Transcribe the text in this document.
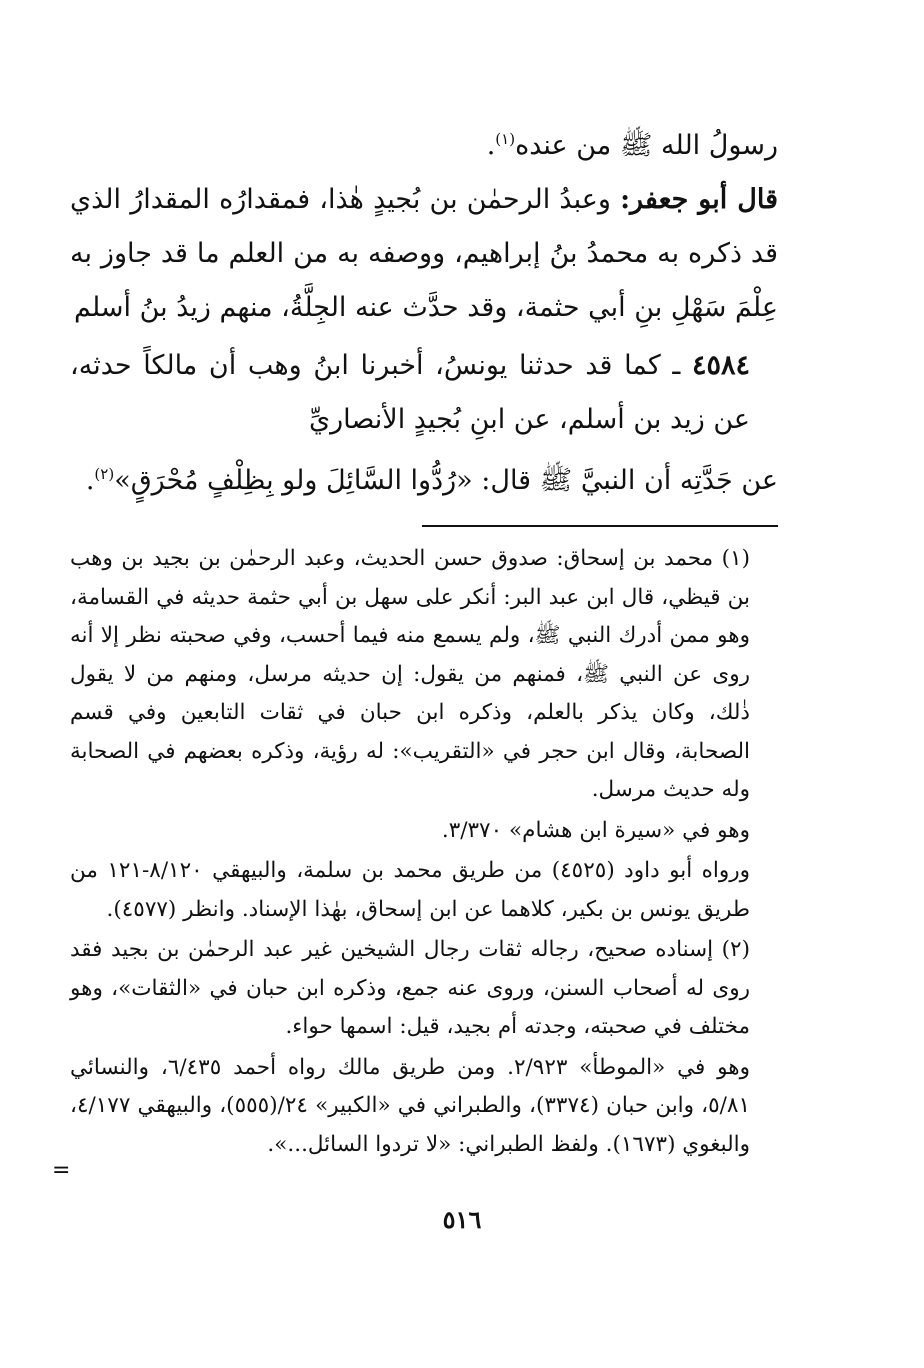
رسولُ الله ﷺ من عنده$^{(١)}$.

قال أبو جعفر: وعبدُ الرحمٰن بن بُجيدٍ هٰذا، فمقدارُه المقدارُ الذي قد ذكره به محمدُ بنُ إبراهيم، ووصفه به من العلم ما قد جاوز به عِلْمَ سَهْلِ بنِ أبي حثمة، وقد حدَّث عنه الجِلَّةُ، منهم زيدُ بنُ أسلم

٤٥٨٤ ـ كما قد حدثنا يونسُ، أخبرنا ابنُ وهب أن مالكاً حدثه، عن زيد بن أسلم، عن ابنِ بُجيدٍ الأنصاريِّ

عن جَدَّتِه أن النبيَّ ﷺ قال: «رُدُّوا السَّائِلَ ولو بِظِلْفٍ مُحْرَقٍ»$^{(٢)}$.

(١) محمد بن إسحاق: صدوق حسن الحديث، وعبد الرحمٰن بن بجيد بن وهب بن قيظي، قال ابن عبد البر: أنكر على سهل بن أبي حثمة حديثه في القسامة، وهو ممن أدرك النبي ﷺ، ولم يسمع منه فيما أحسب، وفي صحبته نظر إلا أنه روى عن النبي ﷺ، فمنهم من يقول: إن حديثه مرسل، ومنهم من لا يقول ذٰلك، وكان يذكر بالعلم، وذكره ابن حبان في ثقات التابعين وفي قسم الصحابة، وقال ابن حجر في «التقريب»: له رؤية، وذكره بعضهم في الصحابة وله حديث مرسل.

وهو في «سيرة ابن هشام» ٣/٣٧٠.

ورواه أبو داود (٤٥٢٥) من طريق محمد بن سلمة، والبيهقي ٨/١٢٠-١٢١ من طريق يونس بن بكير، كلاهما عن ابن إسحاق، بهٰذا الإسناد. وانظر (٤٥٧٧).

(٢) إسناده صحيح، رجاله ثقات رجال الشيخين غير عبد الرحمٰن بن بجيد فقد روى له أصحاب السنن، وروى عنه جمع، وذكره ابن حبان في «الثقات»، وهو مختلف في صحبته، وجدته أم بجيد، قيل: اسمها حواء.

وهو في «الموطأ» ٢/٩٢٣. ومن طريق مالك رواه أحمد ٦/٤٣٥، والنسائي ٥/٨١، وابن حبان (٣٣٧٤)، والطبراني في «الكبير» ٢٤/(٥٥٥)، والبيهقي ٤/١٧٧، والبغوي (١٦٧٣). ولفظ الطبراني: «لا تردوا السائل...».

=
٥١٦
